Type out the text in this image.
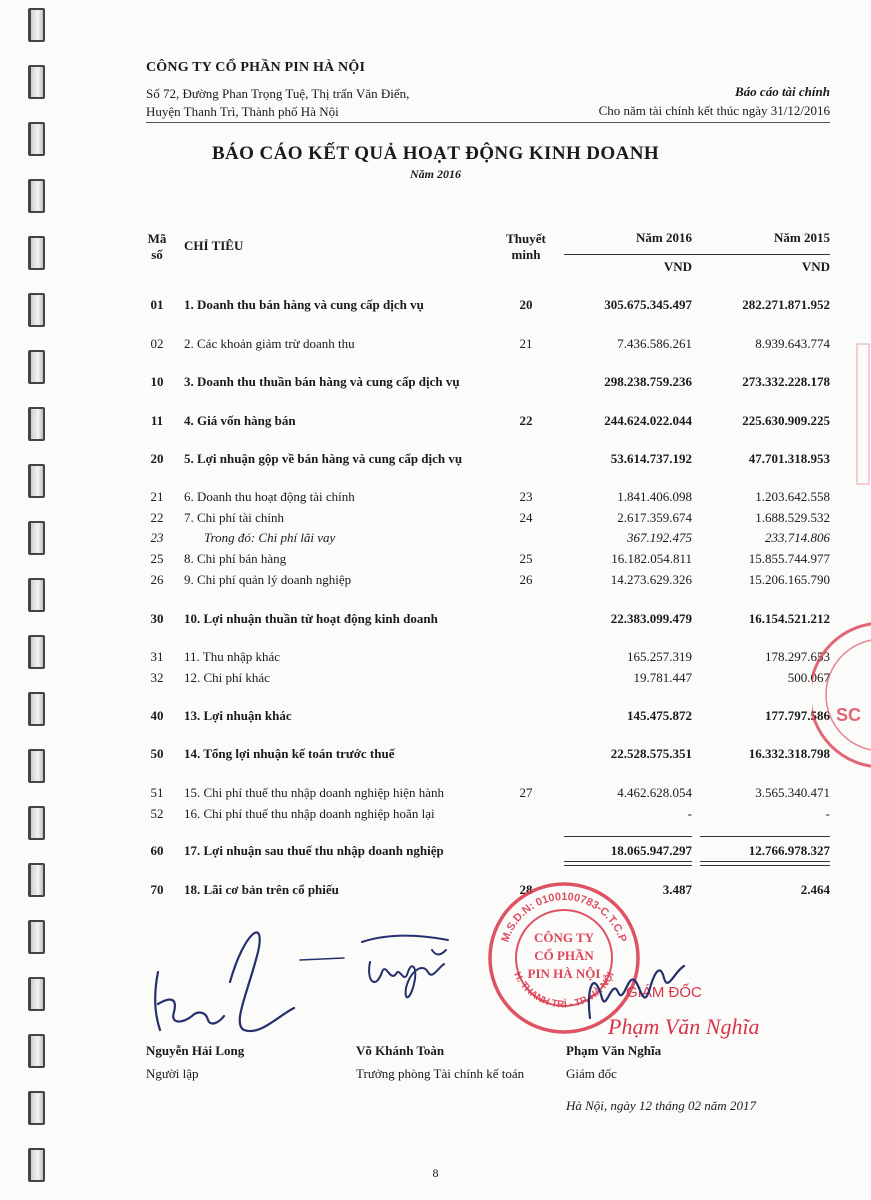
CÔNG TY CỔ PHẦN PIN HÀ NỘI
Số 72, Đường Phan Trọng Tuệ, Thị trấn Văn Điển,
Huyện Thanh Trì, Thành phố Hà Nội
Báo cáo tài chính
Cho năm tài chính kết thúc ngày 31/12/2016
BÁO CÁO KẾT QUẢ HOẠT ĐỘNG KINH DOANH
Năm 2016
Mã
số
CHỈ TIÊU	Thuyết
minh
Năm 2016	Năm 2015
VND	VND
01	1. Doanh thu bán hàng và cung cấp dịch vụ	20	305.675.345.497	282.271.871.952
02	2. Các khoản giảm trừ doanh thu	21	7.436.586.261	8.939.643.774
10	3. Doanh thu thuần bán hàng và cung cấp dịch vụ	298.238.759.236	273.332.228.178
11	4. Giá vốn hàng bán	22	244.624.022.044	225.630.909.225
20	5. Lợi nhuận gộp về bán hàng và cung cấp dịch vụ	53.614.737.192	47.701.318.953
21	6. Doanh thu hoạt động tài chính	23	1.841.406.098	1.203.642.558
22	7. Chi phí tài chính	24	2.617.359.674	1.688.529.532
23	Trong đó: Chi phí lãi vay	367.192.475	233.714.806
25	8. Chi phí bán hàng	25	16.182.054.811	15.855.744.977
26	9. Chi phí quản lý doanh nghiệp	26	14.273.629.326	15.206.165.790
30	10. Lợi nhuận thuần từ hoạt động kinh doanh	22.383.099.479	16.154.521.212
31	11. Thu nhập khác	165.257.319	178.297.653
32	12. Chi phí khác	19.781.447	500.067
40	13. Lợi nhuận khác	145.475.872	177.797.586
50	14. Tổng lợi nhuận kế toán trước thuế	22.528.575.351	16.332.318.798
51	15. Chi phí thuế thu nhập doanh nghiệp hiện hành	27	4.462.628.054	3.565.340.471
52	16. Chi phí thuế thu nhập doanh nghiệp hoãn lại	-	-
60	17. Lợi nhuận sau thuế thu nhập doanh nghiệp	18.065.947.297	12.766.978.327
70	18. Lãi cơ bản trên cổ phiếu	28	3.487	2.464
SC
M.S.D.N: 0100100783-C.T.C.P
H. THANH TRÌ - TP. HÀ NỘI
CÔNG TY
CỔ PHẦN
PIN HÀ NỘI
GIÁM ĐỐC
Phạm Văn Nghĩa
Nguyễn Hải Long
Người lập
Võ Khánh Toàn
Trưởng phòng Tài chính kế toán
Phạm Văn Nghĩa
Giám đốc
Hà Nội, ngày 12 tháng 02 năm 2017
8
